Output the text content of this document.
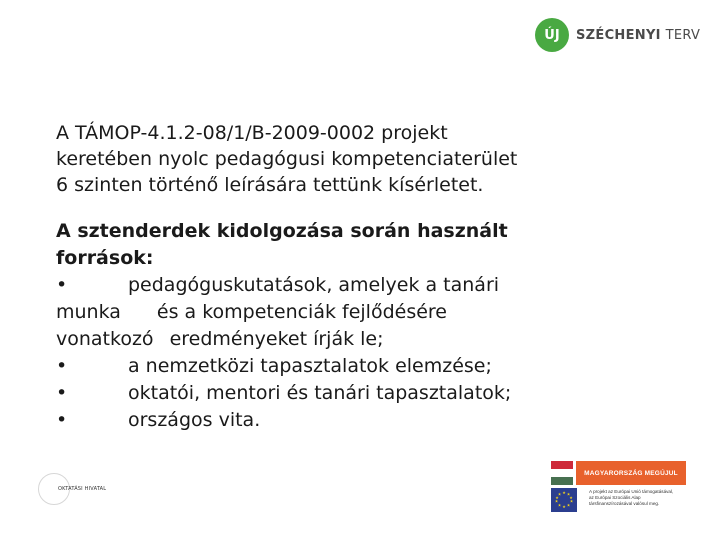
ÚJ	SZÉCHENYI TERV

A TÁMOP-4.1.2-08/1/B-2009-0002 projekt
keretében nyolc pedagógusi kompetenciaterület
6 szinten történő leírására tettünk kísérletet.

A sztenderdek kidolgozása során használt
források:
•	pedagóguskutatások, amelyek a tanári
munka és a kompetenciák fejlődésére
vonatkozó eredményeket írják le;
•	a nemzetközi tapasztalatok elemzése;
•	oktatói, mentori és tanári tapasztalatok;
•	országos vita.
OKTATÁSI HIVATAL
MAGYARORSZÁG MEGÚJUL
★ ★
★
★
★
★
★
★
★
★	A projekt az Európai Unió támogatásával,
az Európai Szociális Alap
társfinanszírozásával valósul meg.
